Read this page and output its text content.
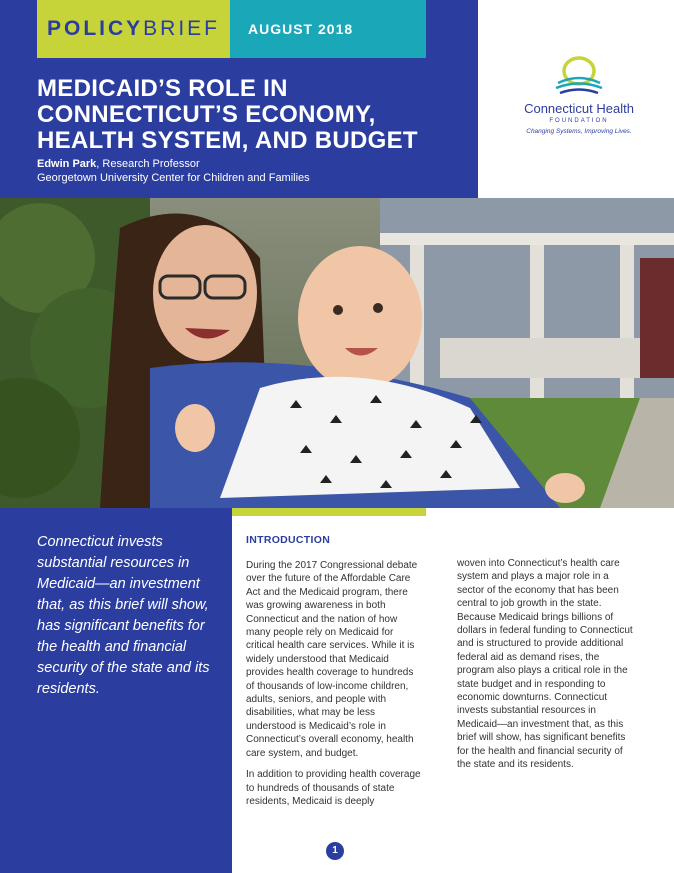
POLICYBRIEF	AUGUST 2018
MEDICAID’S ROLE IN
CONNECTICUT’S ECONOMY,
HEALTH SYSTEM, AND BUDGET
Edwin Park, Research Professor
Georgetown University Center for Children and Families
Connecticut Health
FOUNDATION
Changing Systems, Improving Lives.

Connecticut invests substantial resources in Medicaid—an investment that, as this brief will show, has significant benefits for the health and financial security of the state and its residents.

INTRODUCTION

During the 2017 Congressional debate over the future of the Affordable Care Act and the Medicaid program, there was growing awareness in both Connecticut and the nation of how many people rely on Medicaid for critical health care services. While it is widely understood that Medicaid provides health coverage to hundreds of thousands of low-income children, adults, seniors, and people with disabilities, what may be less understood is Medicaid’s role in Connecticut’s overall economy, health care system, and budget.

In addition to providing health coverage to hundreds of thousands of state residents, Medicaid is deeply

woven into Connecticut’s health care system and plays a major role in a sector of the economy that has been central to job growth in the state. Because Medicaid brings billions of dollars in federal funding to Connecticut and is structured to provide additional federal aid as demand rises, the program also plays a critical role in the state budget and in responding to economic downturns. Connecticut invests substantial resources in Medicaid—an investment that, as this brief will show, has significant benefits for the health and financial security of the state and its residents.

1
